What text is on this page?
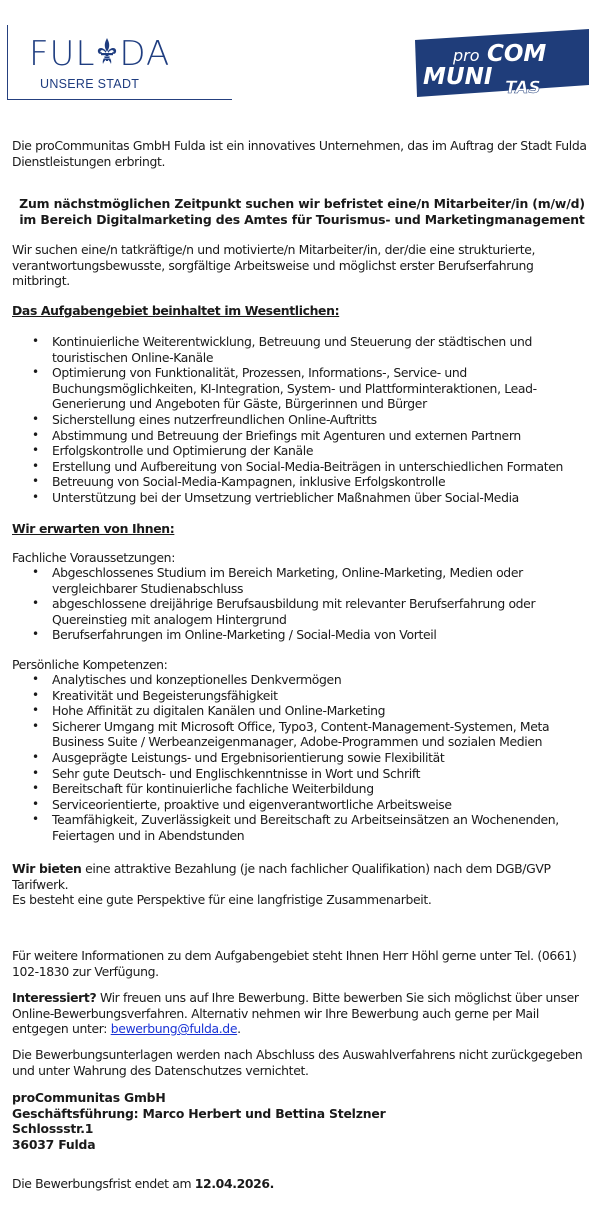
FUL DA
UNSERE STADT
pro COM
MUNI TAS

Die proCommunitas GmbH Fulda ist ein innovatives Unternehmen, das im Auftrag der Stadt Fulda Dienstleistungen erbringt.

Zum nächstmöglichen Zeitpunkt suchen wir befristet eine/n Mitarbeiter/in (m/w/d)
im Bereich Digitalmarketing des Amtes für Tourismus- und Marketingmanagement

Wir suchen eine/n tatkräftige/n und motivierte/n Mitarbeiter/in, der/die eine strukturierte, verantwortungsbewusste, sorgfältige Arbeitsweise und möglichst erster Berufserfahrung mitbringt.

Das Aufgabengebiet beinhaltet im Wesentlichen:
• Kontinuierliche Weiterentwicklung, Betreuung und Steuerung der städtischen und touristischen Online-Kanäle
• Optimierung von Funktionalität, Prozessen, Informations-, Service- und Buchungsmöglichkeiten, KI-Integration, System- und Plattforminteraktionen, Lead-Generierung und Angeboten für Gäste, Bürgerinnen und Bürger
• Sicherstellung eines nutzerfreundlichen Online-Auftritts
• Abstimmung und Betreuung der Briefings mit Agenturen und externen Partnern
• Erfolgskontrolle und Optimierung der Kanäle
• Erstellung und Aufbereitung von Social-Media-Beiträgen in unterschiedlichen Formaten
• Betreuung von Social-Media-Kampagnen, inklusive Erfolgskontrolle
• Unterstützung bei der Umsetzung vertrieblicher Maßnahmen über Social-Media
Wir erwarten von Ihnen:
Fachliche Voraussetzungen:
• Abgeschlossenes Studium im Bereich Marketing, Online-Marketing, Medien oder vergleichbarer Studienabschluss
• abgeschlossene dreijährige Berufsausbildung mit relevanter Berufserfahrung oder Quereinstieg mit analogem Hintergrund
• Berufserfahrungen im Online-Marketing / Social-Media von Vorteil
Persönliche Kompetenzen:
• Analytisches und konzeptionelles Denkvermögen
• Kreativität und Begeisterungsfähigkeit
• Hohe Affinität zu digitalen Kanälen und Online-Marketing
• Sicherer Umgang mit Microsoft Office, Typo3, Content-Management-Systemen, Meta Business Suite / Werbeanzeigenmanager, Adobe-Programmen und sozialen Medien
• Ausgeprägte Leistungs- und Ergebnisorientierung sowie Flexibilität
• Sehr gute Deutsch- und Englischkenntnisse in Wort und Schrift
• Bereitschaft für kontinuierliche fachliche Weiterbildung
• Serviceorientierte, proaktive und eigenverantwortliche Arbeitsweise
• Teamfähigkeit, Zuverlässigkeit und Bereitschaft zu Arbeitseinsätzen an Wochenenden, Feiertagen und in Abendstunden

Wir bieten eine attraktive Bezahlung (je nach fachlicher Qualifikation) nach dem DGB/GVP Tarifwerk.

Es besteht eine gute Perspektive für eine langfristige Zusammenarbeit.

Für weitere Informationen zu dem Aufgabengebiet steht Ihnen Herr Höhl gerne unter Tel. (0661) 102-1830 zur Verfügung.

Interessiert? Wir freuen uns auf Ihre Bewerbung. Bitte bewerben Sie sich möglichst über unser Online-Bewerbungsverfahren. Alternativ nehmen wir Ihre Bewerbung auch gerne per Mail entgegen unter: bewerbung@fulda.de.

Die Bewerbungsunterlagen werden nach Abschluss des Auswahlverfahrens nicht zurückgegeben und unter Wahrung des Datenschutzes vernichtet.

proCommunitas GmbH
Geschäftsführung: Marco Herbert und Bettina Stelzner
Schlossstr.1
36037 Fulda

Die Bewerbungsfrist endet am 12.04.2026.
